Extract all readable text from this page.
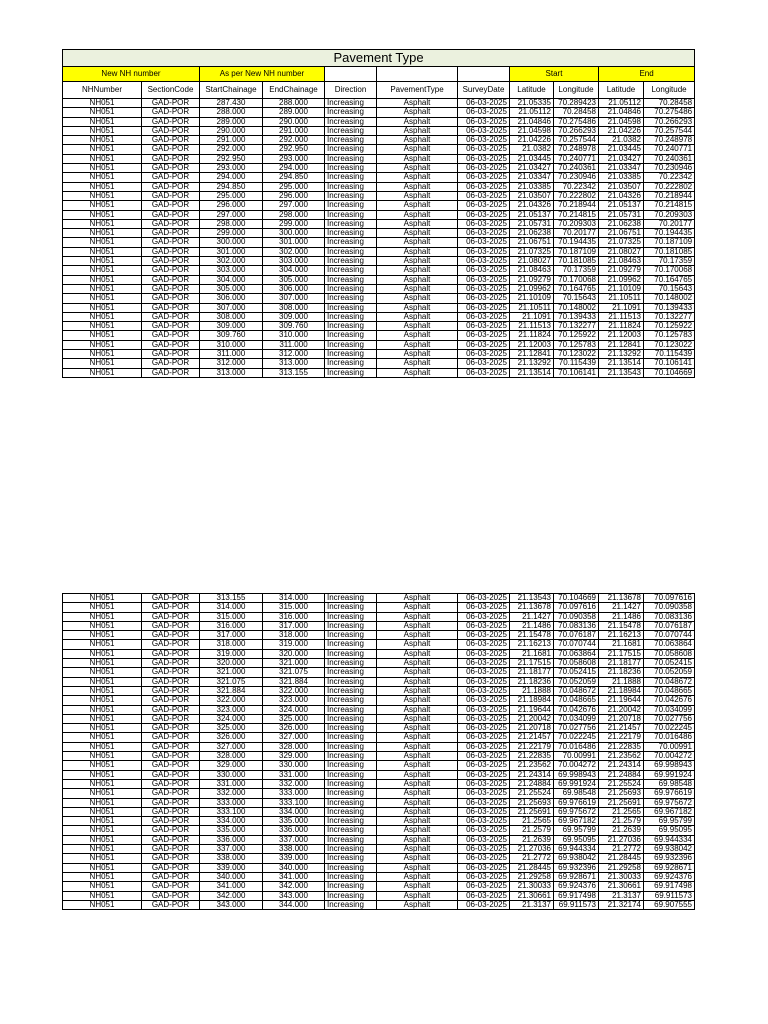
Pavement Type										
New NH number		As per New NH number					Start		End	
NHNumber	SectionCode	StartChainage	EndChainage	Direction	PavementType	SurveyDate	Latitude	Longitude	Latitude	Longitude
NH051	GAD-POR	287.430	288.000	Increasing	Asphalt	06-03-2025	21.05335	70.289423	21.05112	70.28458
NH051	GAD-POR	288.000	289.000	Increasing	Asphalt	06-03-2025	21.05112	70.28458	21.04846	70.275486
NH051	GAD-POR	289.000	290.000	Increasing	Asphalt	06-03-2025	21.04846	70.275486	21.04598	70.266293
NH051	GAD-POR	290.000	291.000	Increasing	Asphalt	06-03-2025	21.04598	70.266293	21.04226	70.257544
NH051	GAD-POR	291.000	292.000	Increasing	Asphalt	06-03-2025	21.04226	70.257544	21.0382	70.248978
NH051	GAD-POR	292.000	292.950	Increasing	Asphalt	06-03-2025	21.0382	70.248978	21.03445	70.240771
NH051	GAD-POR	292.950	293.000	Increasing	Asphalt	06-03-2025	21.03445	70.240771	21.03427	70.240361
NH051	GAD-POR	293.000	294.000	Increasing	Asphalt	06-03-2025	21.03427	70.240361	21.03347	70.230946
NH051	GAD-POR	294.000	294.850	Increasing	Asphalt	06-03-2025	21.03347	70.230946	21.03385	70.22342
NH051	GAD-POR	294.850	295.000	Increasing	Asphalt	06-03-2025	21.03385	70.22342	21.03507	70.222802
NH051	GAD-POR	295.000	296.000	Increasing	Asphalt	06-03-2025	21.03507	70.222802	21.04326	70.218944
NH051	GAD-POR	296.000	297.000	Increasing	Asphalt	06-03-2025	21.04326	70.218944	21.05137	70.214815
NH051	GAD-POR	297.000	298.000	Increasing	Asphalt	06-03-2025	21.05137	70.214815	21.05731	70.209303
NH051	GAD-POR	298.000	299.000	Increasing	Asphalt	06-03-2025	21.05731	70.209303	21.06238	70.20177
NH051	GAD-POR	299.000	300.000	Increasing	Asphalt	06-03-2025	21.06238	70.20177	21.06751	70.194435
NH051	GAD-POR	300.000	301.000	Increasing	Asphalt	06-03-2025	21.06751	70.194435	21.07325	70.187109
NH051	GAD-POR	301.000	302.000	Increasing	Asphalt	06-03-2025	21.07325	70.187109	21.08027	70.181085
NH051	GAD-POR	302.000	303.000	Increasing	Asphalt	06-03-2025	21.08027	70.181085	21.08463	70.17359
NH051	GAD-POR	303.000	304.000	Increasing	Asphalt	06-03-2025	21.08463	70.17359	21.09279	70.170068
NH051	GAD-POR	304.000	305.000	Increasing	Asphalt	06-03-2025	21.09279	70.170068	21.09962	70.164765
NH051	GAD-POR	305.000	306.000	Increasing	Asphalt	06-03-2025	21.09962	70.164765	21.10109	70.15643
NH051	GAD-POR	306.000	307.000	Increasing	Asphalt	06-03-2025	21.10109	70.15643	21.10511	70.148002
NH051	GAD-POR	307.000	308.000	Increasing	Asphalt	06-03-2025	21.10511	70.148002	21.1091	70.139433
NH051	GAD-POR	308.000	309.000	Increasing	Asphalt	06-03-2025	21.1091	70.139433	21.11513	70.132277
NH051	GAD-POR	309.000	309.760	Increasing	Asphalt	06-03-2025	21.11513	70.132277	21.11824	70.125922
NH051	GAD-POR	309.760	310.000	Increasing	Asphalt	06-03-2025	21.11824	70.125922	21.12003	70.125783
NH051	GAD-POR	310.000	311.000	Increasing	Asphalt	06-03-2025	21.12003	70.125783	21.12841	70.123022
NH051	GAD-POR	311.000	312.000	Increasing	Asphalt	06-03-2025	21.12841	70.123022	21.13292	70.115439
NH051	GAD-POR	312.000	313.000	Increasing	Asphalt	06-03-2025	21.13292	70.115439	21.13514	70.106141
NH051	GAD-POR	313.000	313.155	Increasing	Asphalt	06-03-2025	21.13514	70.106141	21.13543	70.104669
NH051	GAD-POR	313.155	314.000	Increasing	Asphalt	06-03-2025	21.13543	70.104669	21.13678	70.097616
NH051	GAD-POR	314.000	315.000	Increasing	Asphalt	06-03-2025	21.13678	70.097616	21.1427	70.090358
NH051	GAD-POR	315.000	316.000	Increasing	Asphalt	06-03-2025	21.1427	70.090358	21.1486	70.083136
NH051	GAD-POR	316.000	317.000	Increasing	Asphalt	06-03-2025	21.1486	70.083136	21.15478	70.076187
NH051	GAD-POR	317.000	318.000	Increasing	Asphalt	06-03-2025	21.15478	70.076187	21.16213	70.070744
NH051	GAD-POR	318.000	319.000	Increasing	Asphalt	06-03-2025	21.16213	70.070744	21.1681	70.063864
NH051	GAD-POR	319.000	320.000	Increasing	Asphalt	06-03-2025	21.1681	70.063864	21.17515	70.058608
NH051	GAD-POR	320.000	321.000	Increasing	Asphalt	06-03-2025	21.17515	70.058608	21.18177	70.052415
NH051	GAD-POR	321.000	321.075	Increasing	Asphalt	06-03-2025	21.18177	70.052415	21.18236	70.052059
NH051	GAD-POR	321.075	321.884	Increasing	Asphalt	06-03-2025	21.18236	70.052059	21.1888	70.048672
NH051	GAD-POR	321.884	322.000	Increasing	Asphalt	06-03-2025	21.1888	70.048672	21.18984	70.048665
NH051	GAD-POR	322.000	323.000	Increasing	Asphalt	06-03-2025	21.18984	70.048665	21.19644	70.042676
NH051	GAD-POR	323.000	324.000	Increasing	Asphalt	06-03-2025	21.19644	70.042676	21.20042	70.034099
NH051	GAD-POR	324.000	325.000	Increasing	Asphalt	06-03-2025	21.20042	70.034099	21.20718	70.027756
NH051	GAD-POR	325.000	326.000	Increasing	Asphalt	06-03-2025	21.20718	70.027756	21.21457	70.022245
NH051	GAD-POR	326.000	327.000	Increasing	Asphalt	06-03-2025	21.21457	70.022245	21.22179	70.016486
NH051	GAD-POR	327.000	328.000	Increasing	Asphalt	06-03-2025	21.22179	70.016486	21.22835	70.00991
NH051	GAD-POR	328.000	329.000	Increasing	Asphalt	06-03-2025	21.22835	70.00991	21.23562	70.004272
NH051	GAD-POR	329.000	330.000	Increasing	Asphalt	06-03-2025	21.23562	70.004272	21.24314	69.998943
NH051	GAD-POR	330.000	331.000	Increasing	Asphalt	06-03-2025	21.24314	69.998943	21.24884	69.991924
NH051	GAD-POR	331.000	332.000	Increasing	Asphalt	06-03-2025	21.24884	69.991924	21.25524	69.98548
NH051	GAD-POR	332.000	333.000	Increasing	Asphalt	06-03-2025	21.25524	69.98548	21.25693	69.976619
NH051	GAD-POR	333.000	333.100	Increasing	Asphalt	06-03-2025	21.25693	69.976619	21.25691	69.975672
NH051	GAD-POR	333.100	334.000	Increasing	Asphalt	06-03-2025	21.25691	69.975672	21.2565	69.967182
NH051	GAD-POR	334.000	335.000	Increasing	Asphalt	06-03-2025	21.2565	69.967182	21.2579	69.95799
NH051	GAD-POR	335.000	336.000	Increasing	Asphalt	06-03-2025	21.2579	69.95799	21.2639	69.95095
NH051	GAD-POR	336.000	337.000	Increasing	Asphalt	06-03-2025	21.2639	69.95095	21.27036	69.944334
NH051	GAD-POR	337.000	338.000	Increasing	Asphalt	06-03-2025	21.27036	69.944334	21.2772	69.938042
NH051	GAD-POR	338.000	339.000	Increasing	Asphalt	06-03-2025	21.2772	69.938042	21.28445	69.932396
NH051	GAD-POR	339.000	340.000	Increasing	Asphalt	06-03-2025	21.28445	69.932396	21.29258	69.928671
NH051	GAD-POR	340.000	341.000	Increasing	Asphalt	06-03-2025	21.29258	69.928671	21.30033	69.924376
NH051	GAD-POR	341.000	342.000	Increasing	Asphalt	06-03-2025	21.30033	69.924376	21.30661	69.917498
NH051	GAD-POR	342.000	343.000	Increasing	Asphalt	06-03-2025	21.30661	69.917498	21.3137	69.911573
NH051	GAD-POR	343.000	344.000	Increasing	Asphalt	06-03-2025	21.3137	69.911573	21.32174	69.907555
